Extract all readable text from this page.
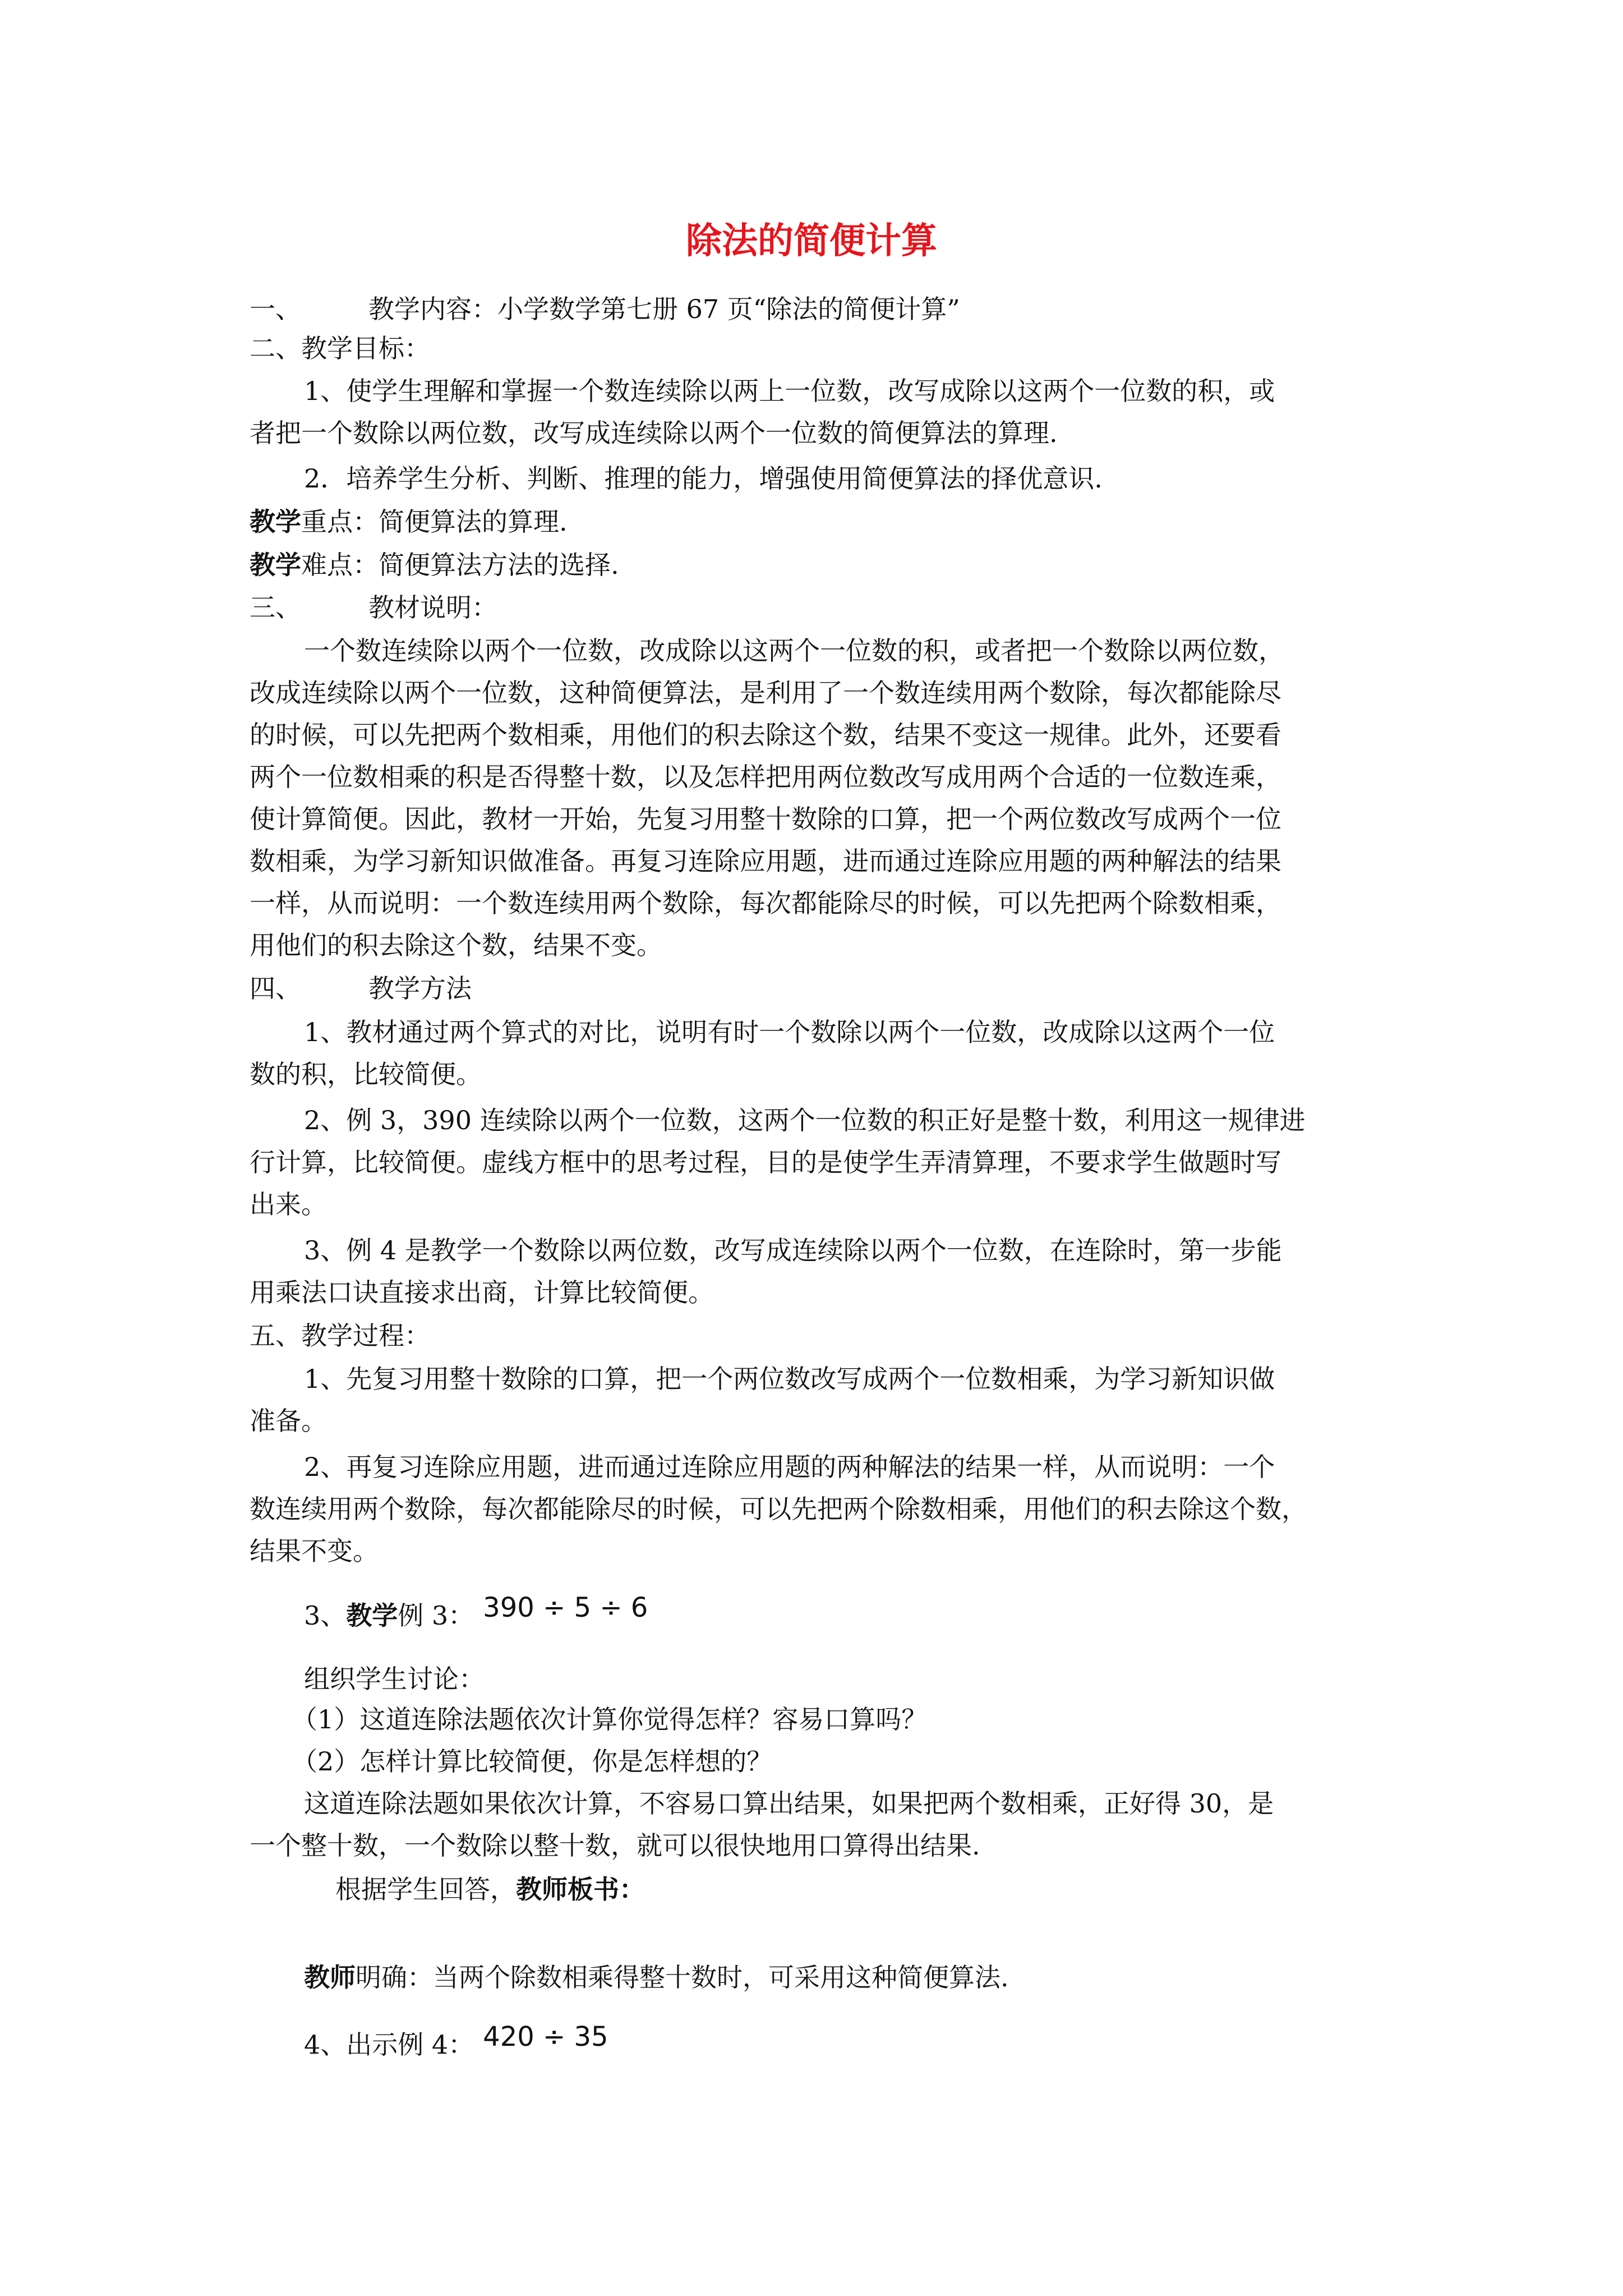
除法的简便计算

一、	教学内容：小学数学第七册 67 页“除法的简便计算”

二、教学目标：

1、使学生理解和掌握一个数连续除以两上一位数，改写成除以这两个一位数的积，或

者把一个数除以两位数，改写成连续除以两个一位数的简便算法的算理.

2．培养学生分析、判断、推理的能力，增强使用简便算法的择优意识.

教学重点：简便算法的算理.

教学难点：简便算法方法的选择.

三、	教材说明：

一个数连续除以两个一位数，改成除以这两个一位数的积，或者把一个数除以两位数，

改成连续除以两个一位数，这种简便算法，是利用了一个数连续用两个数除，每次都能除尽

的时候，可以先把两个数相乘，用他们的积去除这个数，结果不变这一规律。此外，还要看

两个一位数相乘的积是否得整十数，以及怎样把用两位数改写成用两个合适的一位数连乘，

使计算简便。因此，教材一开始，先复习用整十数除的口算，把一个两位数改写成两个一位

数相乘，为学习新知识做准备。再复习连除应用题，进而通过连除应用题的两种解法的结果

一样，从而说明：一个数连续用两个数除，每次都能除尽的时候，可以先把两个除数相乘，

用他们的积去除这个数，结果不变。

四、	教学方法

1、教材通过两个算式的对比，说明有时一个数除以两个一位数，改成除以这两个一位

数的积，比较简便。

2、例 3，390 连续除以两个一位数，这两个一位数的积正好是整十数，利用这一规律进

行计算，比较简便。虚线方框中的思考过程，目的是使学生弄清算理，不要求学生做题时写

出来。

3、例 4 是教学一个数除以两位数，改写成连续除以两个一位数，在连除时，第一步能

用乘法口诀直接求出商，计算比较简便。

五、教学过程：

1、先复习用整十数除的口算，把一个两位数改写成两个一位数相乘，为学习新知识做

准备。

2、再复习连除应用题，进而通过连除应用题的两种解法的结果一样，从而说明：一个

数连续用两个数除，每次都能除尽的时候，可以先把两个除数相乘，用他们的积去除这个数，

结果不变。

3、教学例 3： 390 ÷ 5 ÷ 6

组织学生讨论：

（1）这道连除法题依次计算你觉得怎样？容易口算吗？

（2）怎样计算比较简便，你是怎样想的？

这道连除法题如果依次计算，不容易口算出结果，如果把两个数相乘，正好得 30，是

一个整十数，一个数除以整十数，就可以很快地用口算得出结果.

根据学生回答，教师板书：

教师明确：当两个除数相乘得整十数时，可采用这种简便算法.

4、出示例 4： 420 ÷ 35
